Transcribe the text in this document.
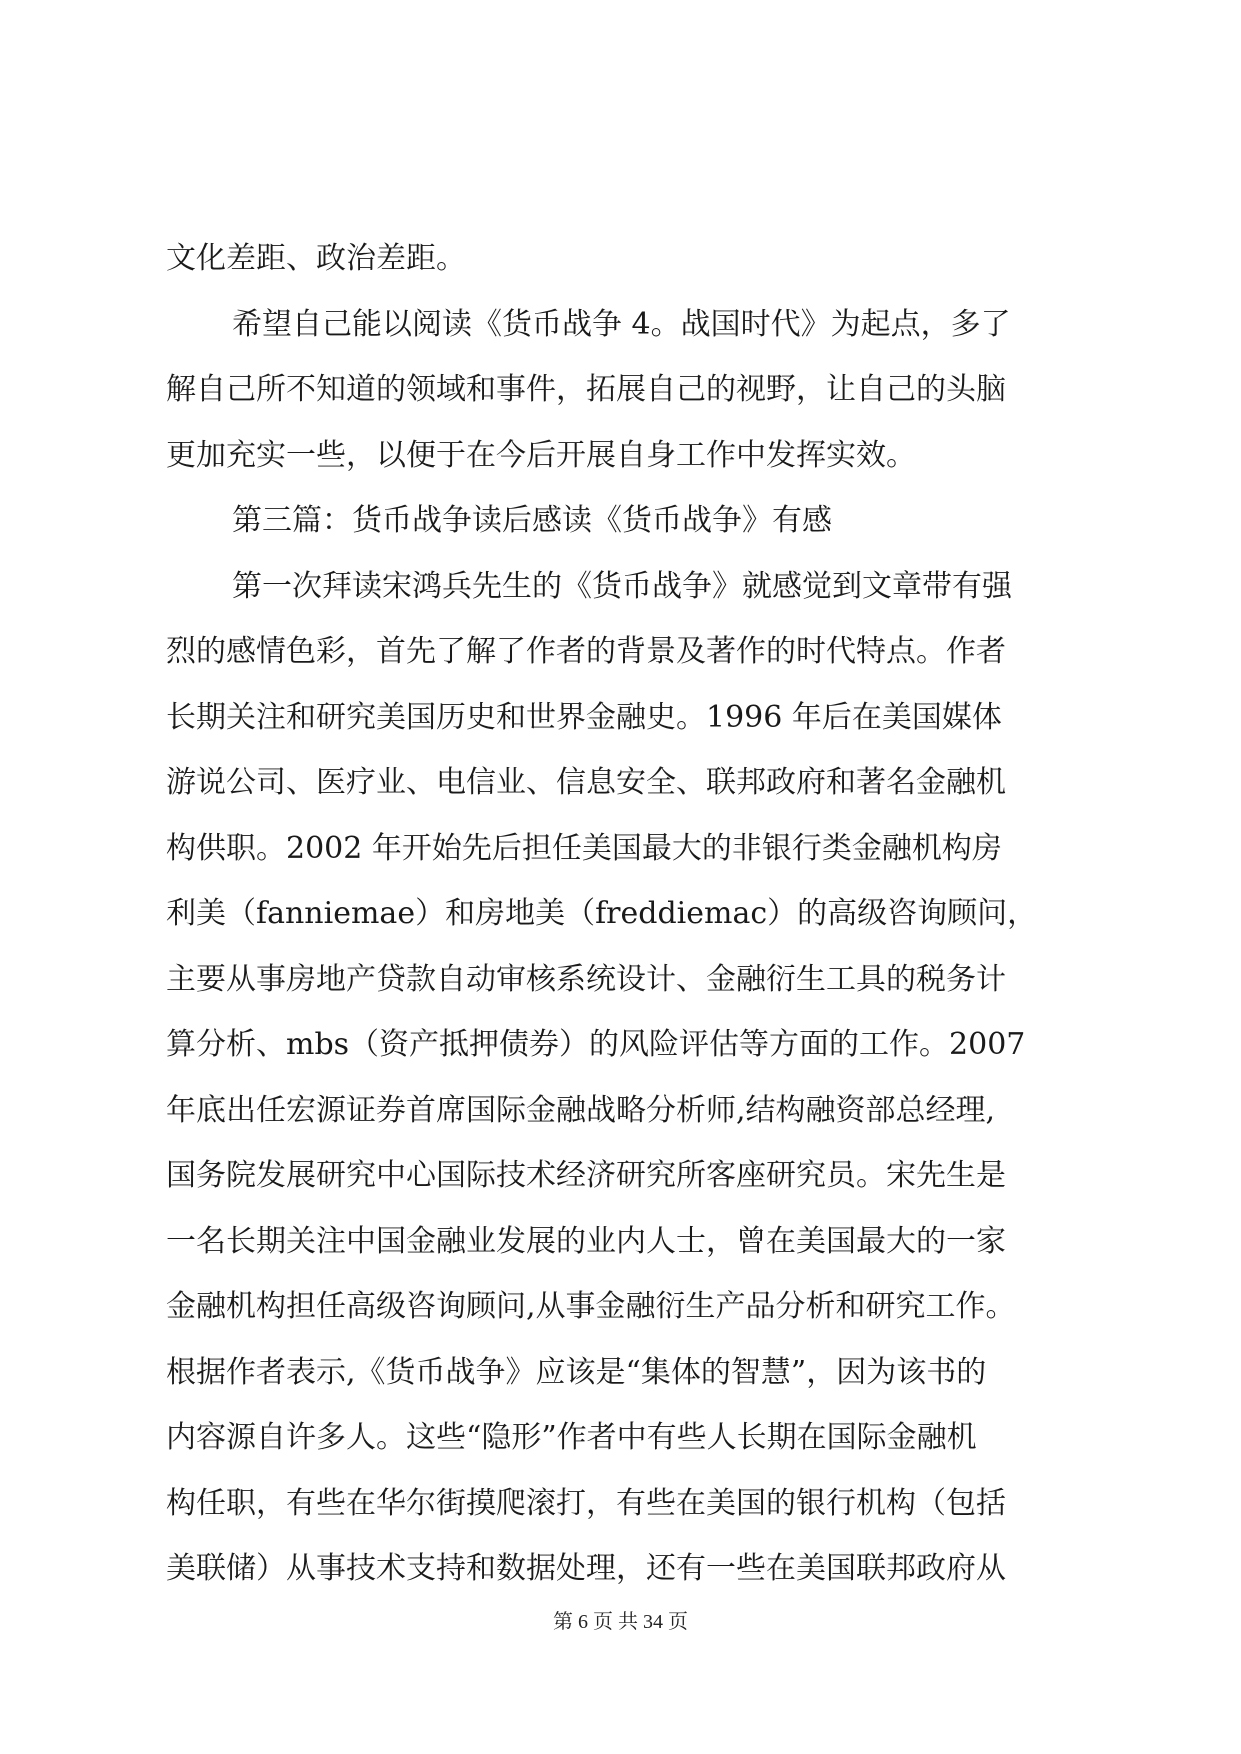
文化差距、政治差距。
希望自己能以阅读《货币战争 4。战国时代》为起点，多了
解自己所不知道的领域和事件，拓展自己的视野，让自己的头脑
更加充实一些，以便于在今后开展自身工作中发挥实效。
第三篇：货币战争读后感读《货币战争》有感
第一次拜读宋鸿兵先生的《货币战争》就感觉到文章带有强
烈的感情色彩，首先了解了作者的背景及著作的时代特点。作者
长期关注和研究美国历史和世界金融史。1996 年后在美国媒体
游说公司、医疗业、电信业、信息安全、联邦政府和著名金融机
构供职。2002 年开始先后担任美国最大的非银行类金融机构房
利美（fanniemae）和房地美（freddiemac）的高级咨询顾问，
主要从事房地产贷款自动审核系统设计、金融衍生工具的税务计
算分析、mbs（资产抵押债券）的风险评估等方面的工作。2007
年底出任宏源证券首席国际金融战略分析师,结构融资部总经理,
国务院发展研究中心国际技术经济研究所客座研究员。宋先生是
一名长期关注中国金融业发展的业内人士，曾在美国最大的一家
金融机构担任高级咨询顾问,从事金融衍生产品分析和研究工作。
根据作者表示,《货币战争》应该是“集体的智慧”，因为该书的
内容源自许多人。这些“隐形”作者中有些人长期在国际金融机
构任职，有些在华尔街摸爬滚打，有些在美国的银行机构（包括
美联储）从事技术支持和数据处理，还有一些在美国联邦政府从
第 6 页 共 34 页
